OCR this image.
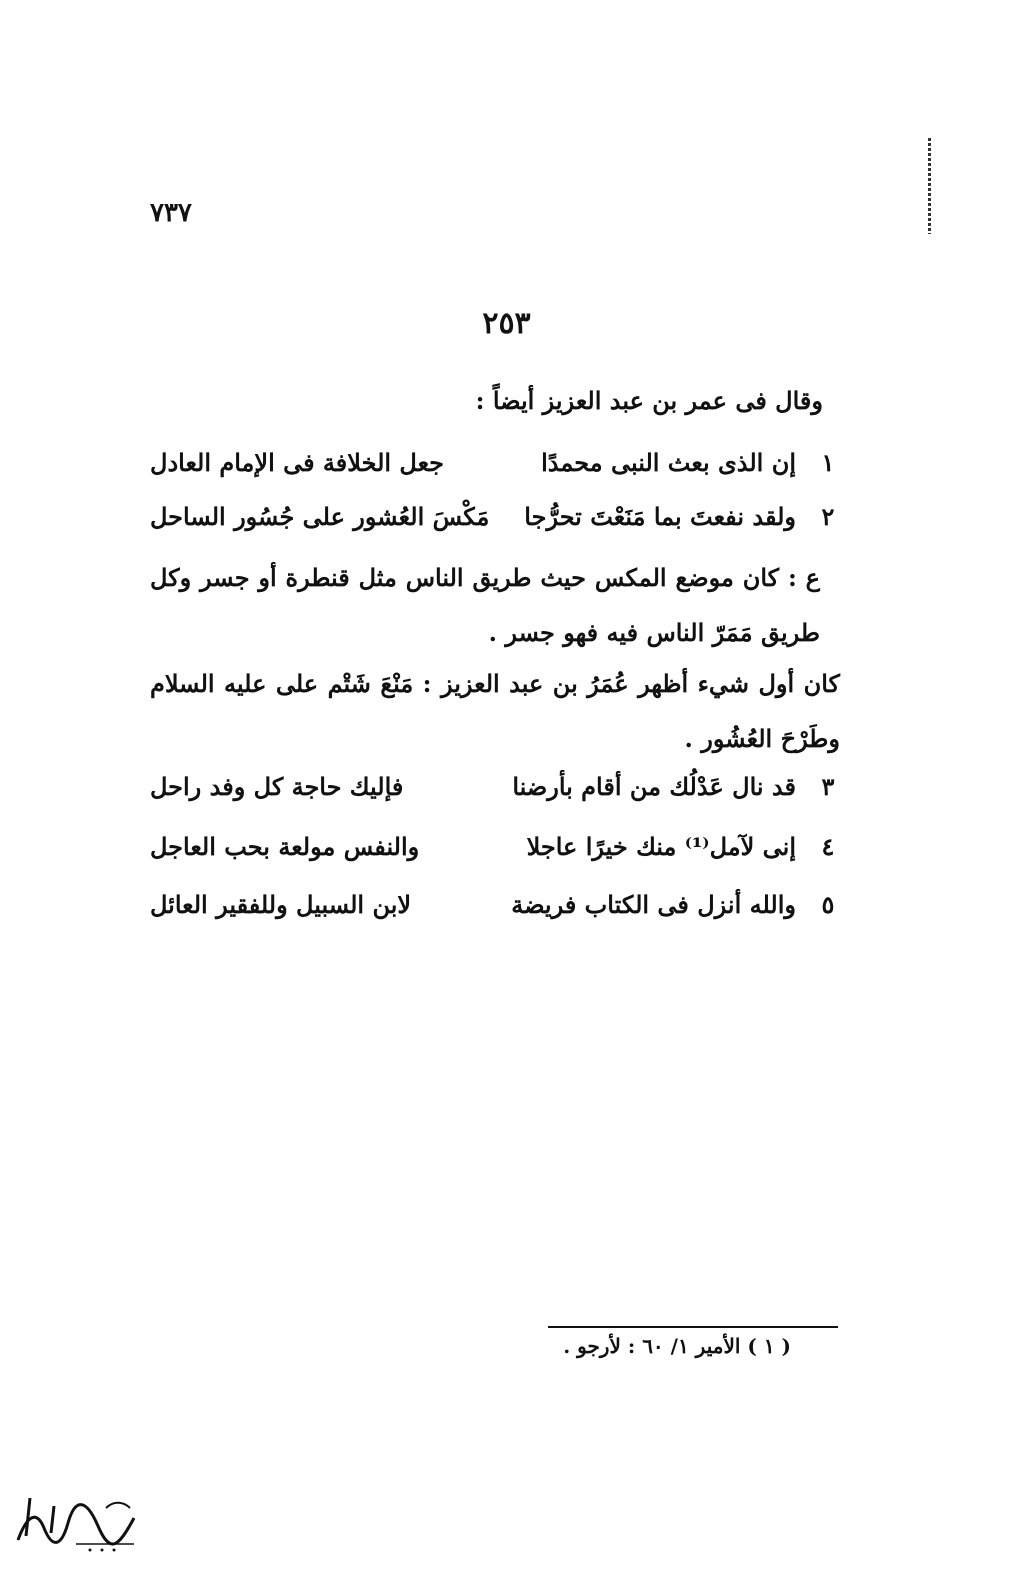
٧٣٧
٢٥٣
وقال فى عمر بن عبد العزيز أيضاً :
١
إن الذى بعث النبى محمدًا
جعل الخلافة فى الإمام العادل
٢
ولقد نفعتَ بما مَنَعْتَ تحرُّجا
مَكْسَ العُشور على جُسُور الساحل
ع : كان موضع المكس حيث طريق الناس مثل قنطرة أو جسر وكل طريق مَمَرّ الناس فيه فهو جسر .
كان أول شيء أظهر عُمَرُ بن عبد العزيز : مَنْعَ شَتْم على عليه السلام وطَرْحَ العُشُور .
٣
قد نال عَدْلُك من أقام بأرضنا
فإليك حاجة كل وفد راحل
٤
إنى لآمل⁽¹⁾ منك خيرًا عاجلا
والنفس مولعة بحب العاجل
٥
والله أنزل فى الكتاب فريضة
لابن السبيل وللفقير العائل
( ١ ) الأمير ١/ ٦٠ : لأرجو .
